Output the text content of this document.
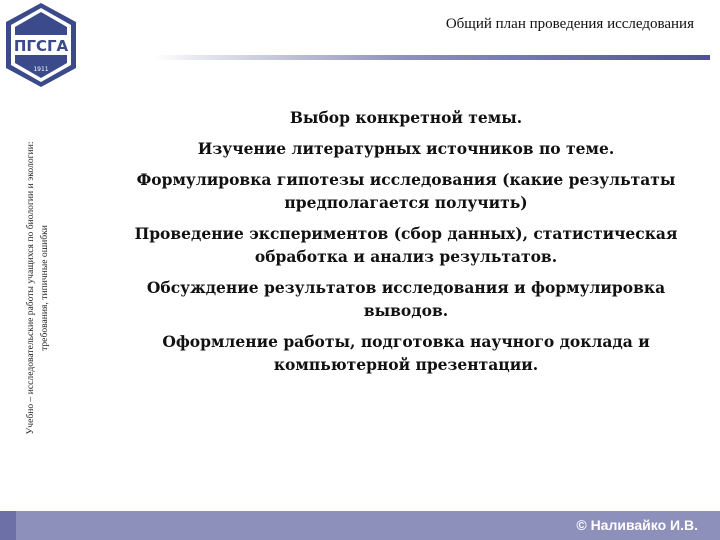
ПГСГА
1911
Общий план проведения исследования
Учебно – исследовательские работы учащихся по биологии и экологии: требования, типичные ошибки

Выбор конкретной темы.

Изучение литературных источников по теме.

Формулировка гипотезы исследования (какие результаты предполагается получить)

Проведение экспериментов (сбор данных), статистическая обработка и анализ результатов.

Обсуждение результатов исследования и формулировка выводов.

Оформление работы, подготовка научного доклада и компьютерной презентации.

© Наливайко И.В.
